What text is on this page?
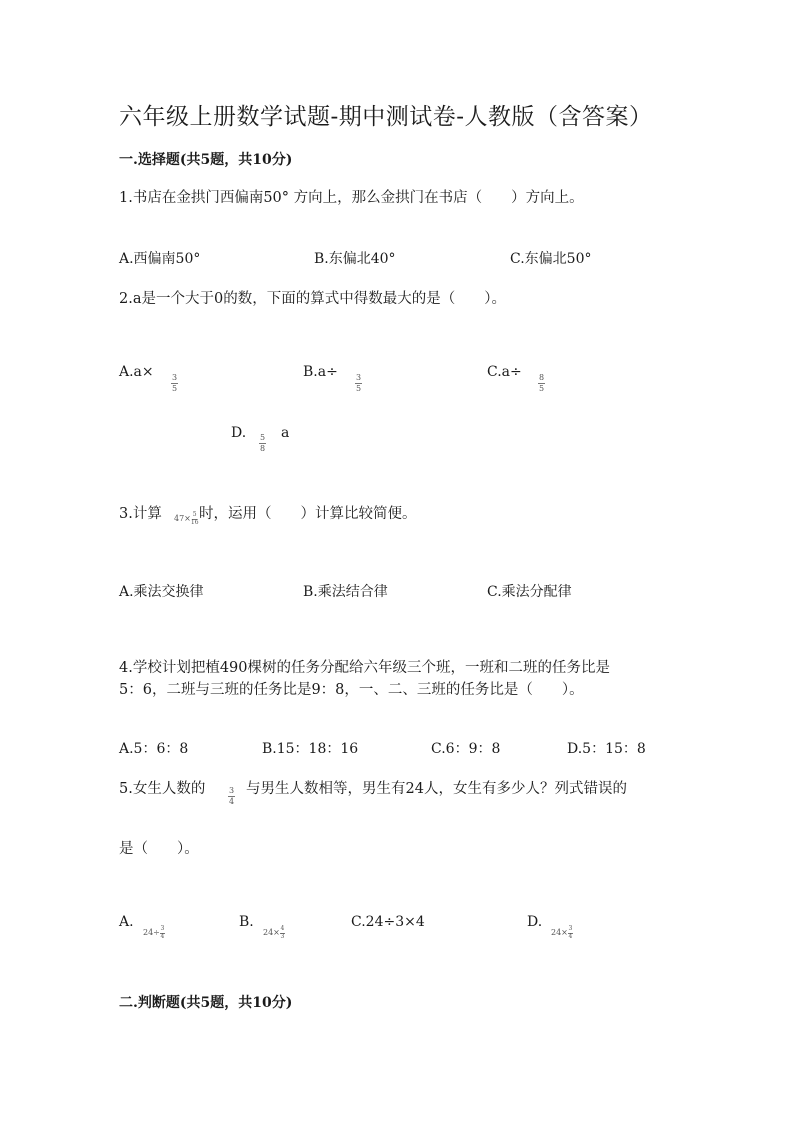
六年级上册数学试题-期中测试卷-人教版（含答案）
一.选择题(共5题，共10分)
1.书店在金拱门西偏南50° 方向上，那么金拱门在书店（　　）方向上。
A.西偏南50°	B.东偏北40°	C.东偏北50°
2.a是一个大于0的数，下面的算式中得数最大的是（　　）。
A.a× 3
5
B.a÷ 3
5
C.a÷ 8
5
D. 5
8
a
3.计算 $47\times \frac{5}{16}$ 时，运用（　　）计算比较简便。
A.乘法交换律	B.乘法结合律	C.乘法分配律
4.学校计划把植490棵树的任务分配给六年级三个班，一班和二班的任务比是
5：6，二班与三班的任务比是9：8，一、二、三班的任务比是（　　）。
A.5：6：8	B.15：18：16	C.6：9：8	D.5：15：8
5.女生人数的	3
4
与男生人数相等，男生有24人，女生有多少人？列式错误的
是（　　）。
A.
$24\div \frac{3}{4}$
B.
$24\times \frac{4}{3}$
C.24÷3×4	D.
$24\times \frac{3}{4}$
二.判断题(共5题，共10分)
